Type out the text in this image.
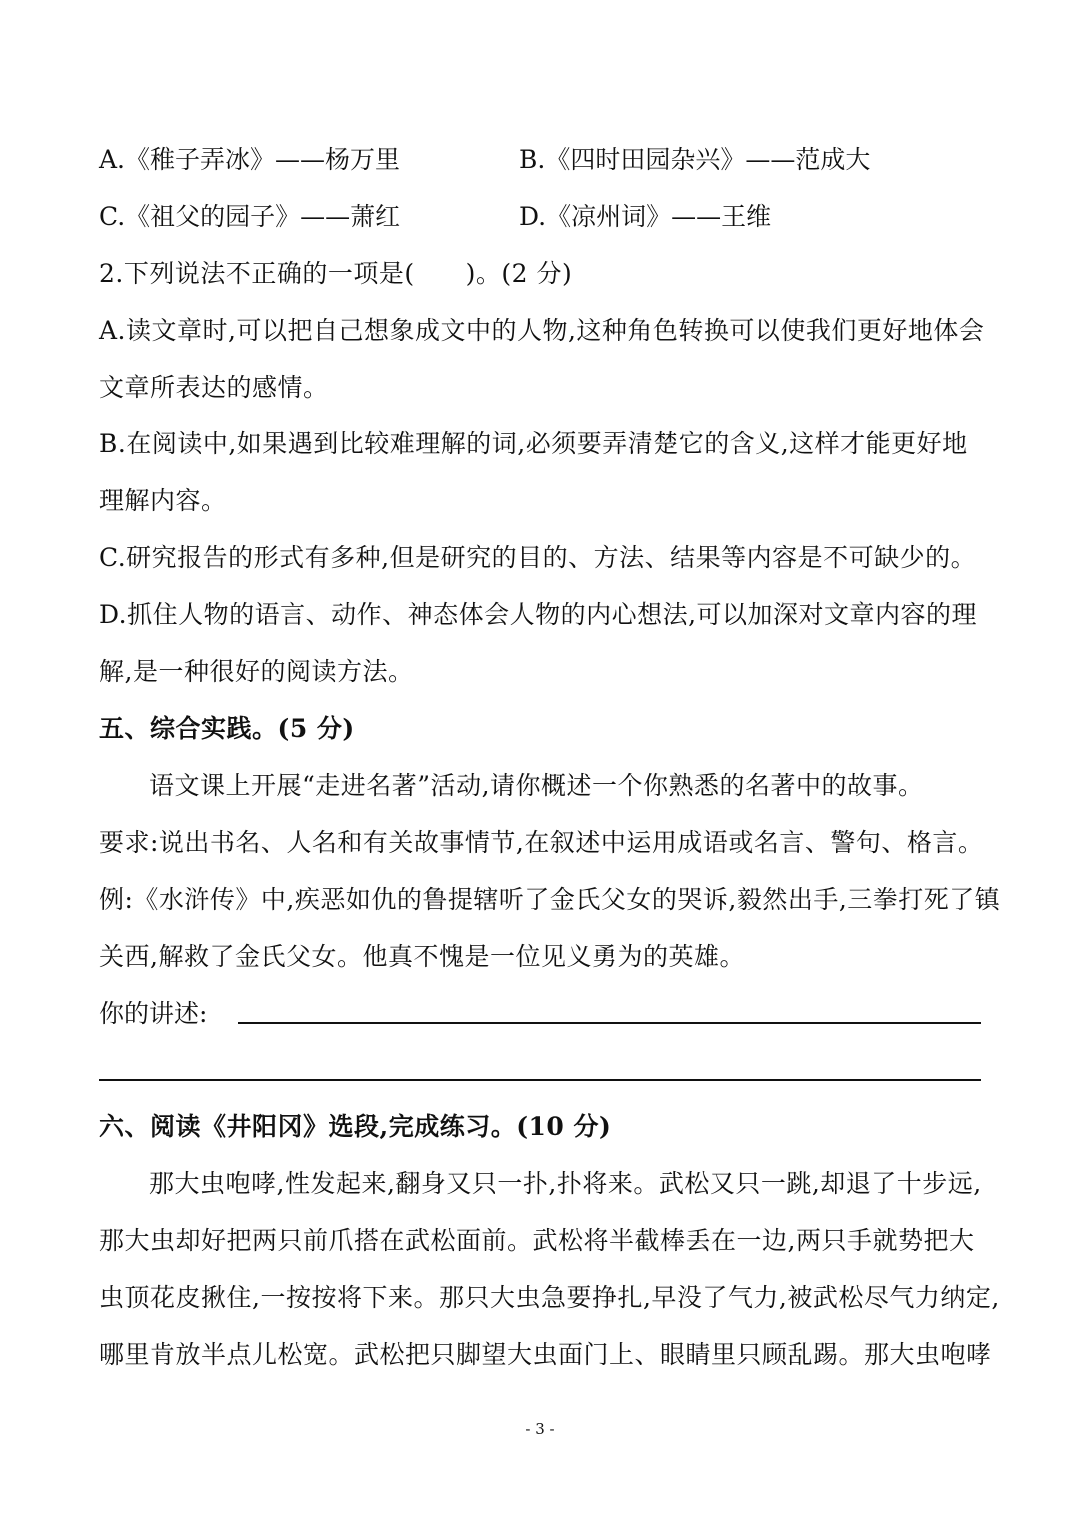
A.《稚子弄冰》——杨万里	B.《四时田园杂兴》——范成大
C.《祖父的园子》——萧红	D.《凉州词》——王维
2.下列说法不正确的一项是(　　)。(2 分)
A.读文章时,可以把自己想象成文中的人物,这种角色转换可以使我们更好地体会
文章所表达的感情。
B.在阅读中,如果遇到比较难理解的词,必须要弄清楚它的含义,这样才能更好地
理解内容。
C.研究报告的形式有多种,但是研究的目的、方法、结果等内容是不可缺少的。
D.抓住人物的语言、动作、神态体会人物的内心想法,可以加深对文章内容的理
解,是一种很好的阅读方法。
五、综合实践。(5 分)
语文课上开展“走进名著”活动,请你概述一个你熟悉的名著中的故事。
要求:说出书名、人名和有关故事情节,在叙述中运用成语或名言、警句、格言。
例:《水浒传》中,疾恶如仇的鲁提辖听了金氏父女的哭诉,毅然出手,三拳打死了镇
关西,解救了金氏父女。他真不愧是一位见义勇为的英雄。
你的讲述:
六、阅读《井阳冈》选段,完成练习。(10 分)
那大虫咆哮,性发起来,翻身又只一扑,扑将来。武松又只一跳,却退了十步远,
那大虫却好把两只前爪搭在武松面前。武松将半截棒丢在一边,两只手就势把大
虫顶花皮揪住,一按按将下来。那只大虫急要挣扎,早没了气力,被武松尽气力纳定,
哪里肯放半点儿松宽。武松把只脚望大虫面门上、眼睛里只顾乱踢。那大虫咆哮
- 3 -
